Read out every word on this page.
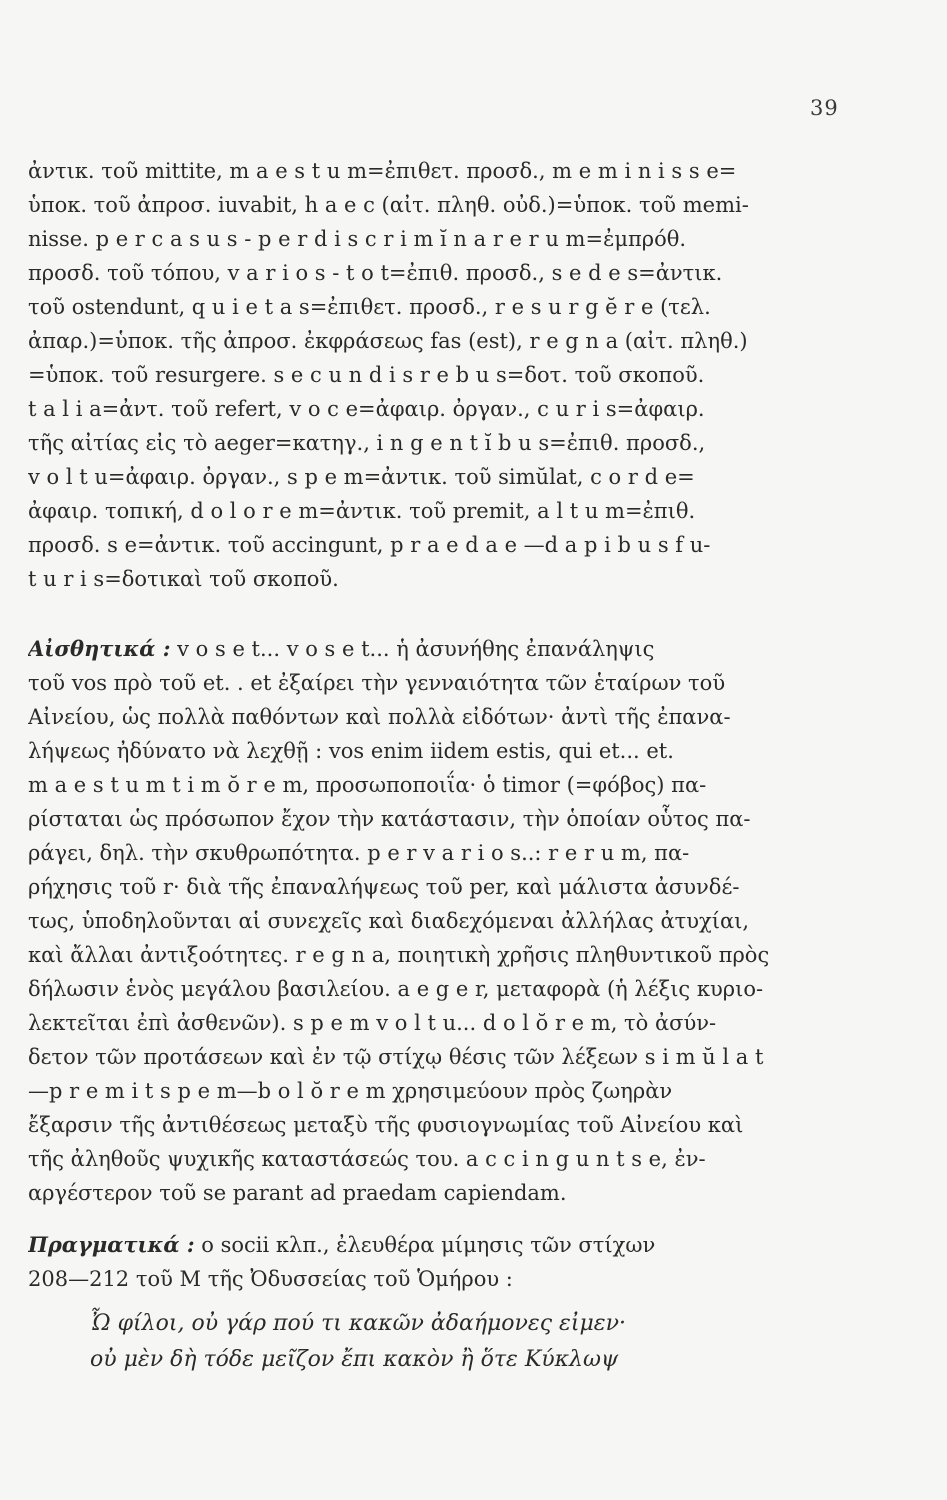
39
ἀντικ. τοῦ mittite, m a e s t u m=ἐπιθετ. προσδ., m e m i n i s s e=
ὑποκ. τοῦ ἀπροσ. iuvabit, h a e c (αἰτ. πληθ. οὐδ.)=ὑποκ. τοῦ memi-
nisse. p e r c a s u s - p e r d i s c r i m ĭ n a r e r u m=ἐμπρόθ.
προσδ. τοῦ τόπου, v a r i o s - t o t=ἐπιθ. προσδ., s e d e s=ἀντικ.
τοῦ ostendunt, q u i e t a s=ἐπιθετ. προσδ., r e s u r g ĕ r e (τελ.
ἀπαρ.)=ὑποκ. τῆς ἀπροσ. ἐκφράσεως fas (est), r e g n a (αἰτ. πληθ.)
=ὑποκ. τοῦ resurgere. s e c u n d i s r e b u s=δοτ. τοῦ σκοποῦ.
t a l i a=ἀντ. τοῦ refert, v o c e=ἀφαιρ. ὀργαν., c u r i s=ἀφαιρ.
τῆς αἰτίας εἰς τὸ aeger=κατηγ., i n g e n t ĭ b u s=ἐπιθ. προσδ.,
v o l t u=ἀφαιρ. ὀργαν., s p e m=ἀντικ. τοῦ simŭlat, c o r d e=
ἀφαιρ. τοπική, d o l o r e m=ἀντικ. τοῦ premit, a l t u m=ἐπιθ.
προσδ. s e=ἀντικ. τοῦ accingunt, p r a e d a e —d a p i b u s f u-
t u r i s=δοτικαὶ τοῦ σκοποῦ.
Αἰσθητικά : v o s e t... v o s e t... ἡ ἀσυνήθης ἐπανάληψις
τοῦ vos πρὸ τοῦ et. . et ἐξαίρει τὴν γενναιότητα τῶν ἑταίρων τοῦ
Αἰνείου, ὡς πολλὰ παθόντων καὶ πολλὰ εἰδότων· ἀντὶ τῆς ἐπανα-
λήψεως ἠδύνατο νὰ λεχθῇ : vos enim iidem estis, qui et... et.
m a e s t u m t i m ŏ r e m, προσωποποιΐα· ὁ timor (=φόβος) πα-
ρίσταται ὡς πρόσωπον ἔχον τὴν κατάστασιν, τὴν ὁποίαν οὗτος πα-
ράγει, δηλ. τὴν σκυθρωπότητα. p e r v a r i o s..: r e r u m, πα-
ρήχησις τοῦ r· διὰ τῆς ἐπαναλήψεως τοῦ per, καὶ μάλιστα ἀσυνδέ-
τως, ὑποδηλοῦνται αἱ συνεχεῖς καὶ διαδεχόμεναι ἀλλήλας ἀτυχίαι,
καὶ ἄλλαι ἀντιξοότητες. r e g n a, ποιητικὴ χρῆσις πληθυντικοῦ πρὸς
δήλωσιν ἑνὸς μεγάλου βασιλείου. a e g e r, μεταφορὰ (ἡ λέξις κυριο-
λεκτεῖται ἐπὶ ἀσθενῶν). s p e m v o l t u... d o l ŏ r e m, τὸ ἀσύν-
δετον τῶν προτάσεων καὶ ἐν τῷ στίχῳ θέσις τῶν λέξεων s i m ŭ l a t
—p r e m i t s p e m—b o l ŏ r e m χρησιμεύουν πρὸς ζωηρὰν
ἔξαρσιν τῆς ἀντιθέσεως μεταξὺ τῆς φυσιογνωμίας τοῦ Αἰνείου καὶ
τῆς ἀληθοῦς ψυχικῆς καταστάσεώς του. a c c i n g u n t s e, ἐν-
αργέστερον τοῦ se parant ad praedam capiendam.
Πραγματικά : o socii κλπ., ἐλευθέρα μίμησις τῶν στίχων
208—212 τοῦ Μ τῆς Ὀδυσσείας τοῦ Ὁμήρου :
Ὦ φίλοι, οὐ γάρ πού τι κακῶν ἀδαήμονες εἰμεν·
οὐ μὲν δὴ τόδε μεῖζον ἔπι κακὸν ἢ ὅτε Κύκλωψ
